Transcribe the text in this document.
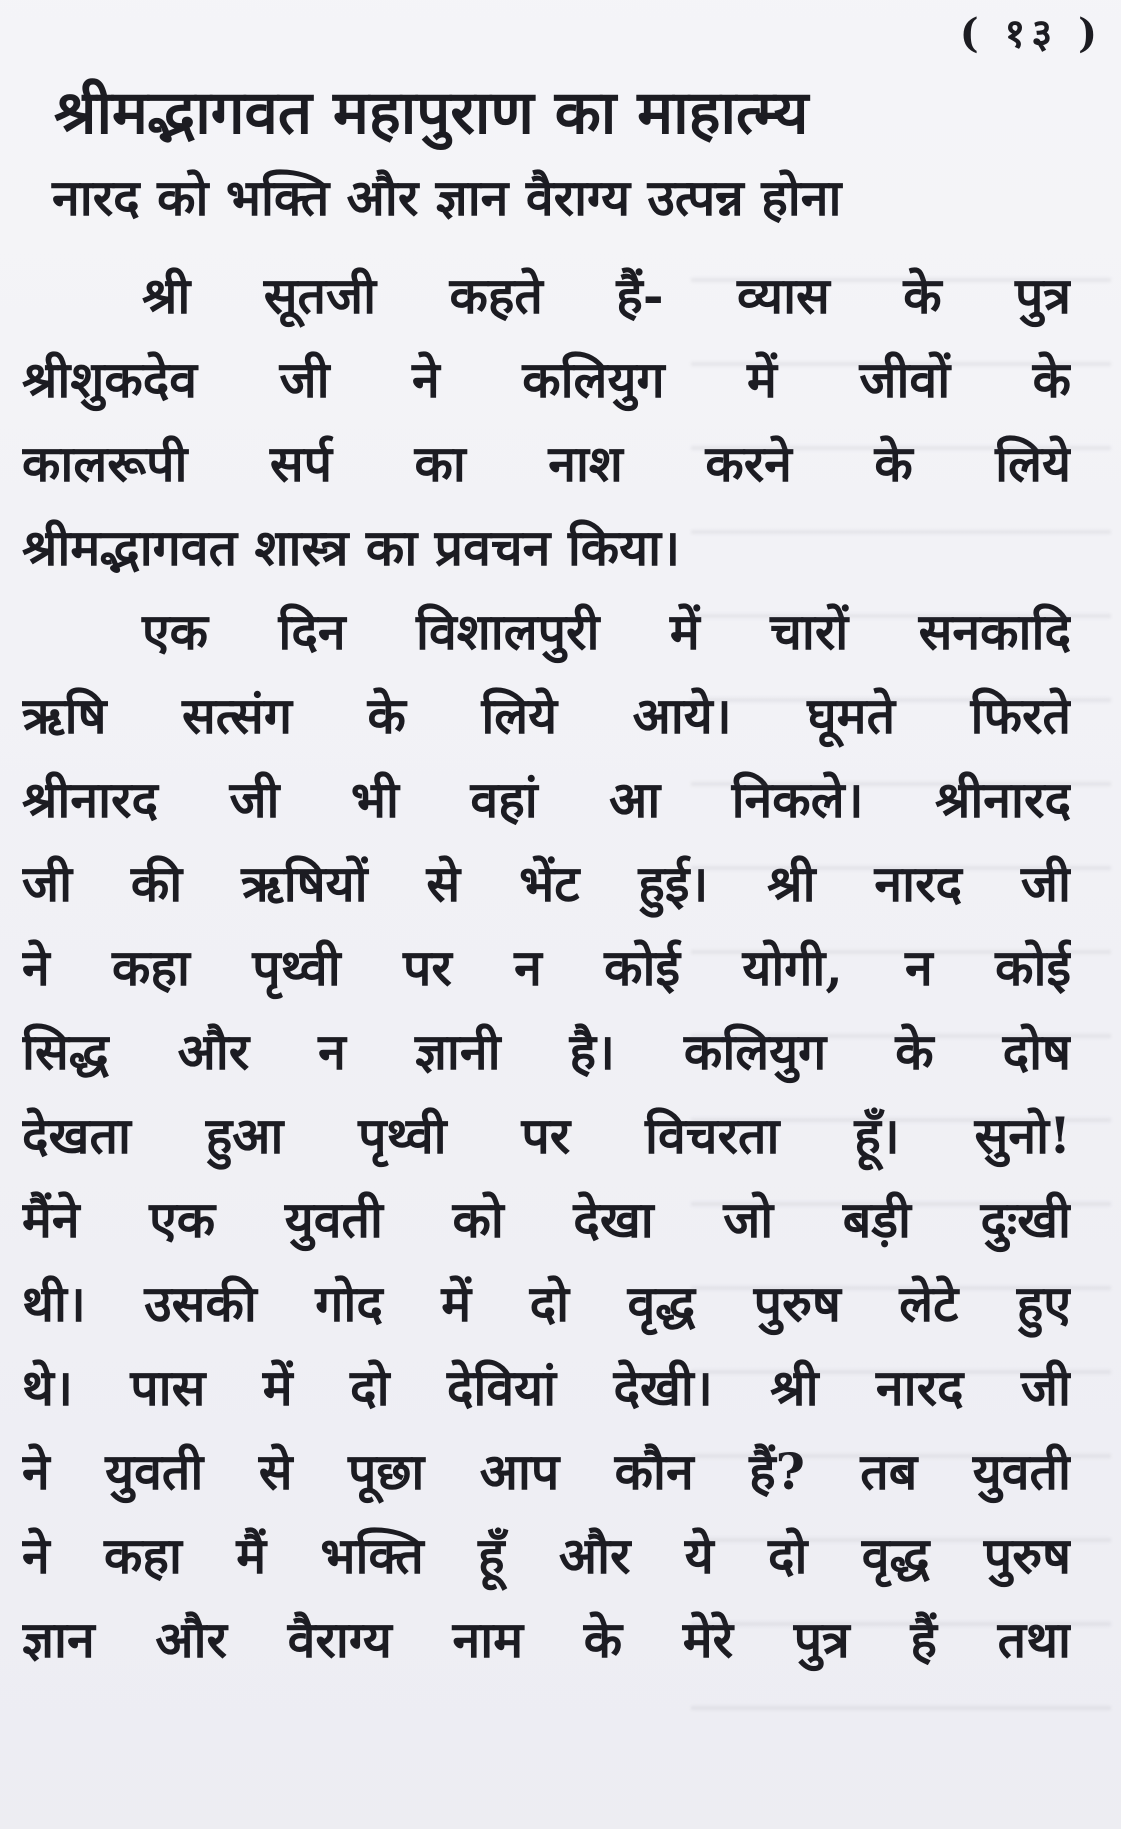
( १३ )
श्रीमद्भागवत महापुराण का माहात्म्य
नारद को भक्ति और ज्ञान वैराग्य उत्पन्न होना
श्री सूतजी कहते हैं- व्यास के पुत्र
श्रीशुकदेव जी ने कलियुग में जीवों के
कालरूपी सर्प का नाश करने के लिये
श्रीमद्भागवत शास्त्र का प्रवचन किया।
एक दिन विशालपुरी में चारों सनकादि
ऋषि सत्संग के लिये आये। घूमते फिरते
श्रीनारद जी भी वहां आ निकले। श्रीनारद
जी की ऋषियों से भेंट हुई। श्री नारद जी
ने कहा पृथ्वी पर न कोई योगी, न कोई
सिद्ध और न ज्ञानी है। कलियुग के दोष
देखता हुआ पृथ्वी पर विचरता हूँ। सुनो!
मैंने एक युवती को देखा जो बड़ी दुःखी
थी। उसकी गोद में दो वृद्ध पुरुष लेटे हुए
थे। पास में दो देवियां देखी। श्री नारद जी
ने युवती से पूछा आप कौन हैं? तब युवती
ने कहा मैं भक्ति हूँ और ये दो वृद्ध पुरुष
ज्ञान और वैराग्य नाम के मेरे पुत्र हैं तथा
